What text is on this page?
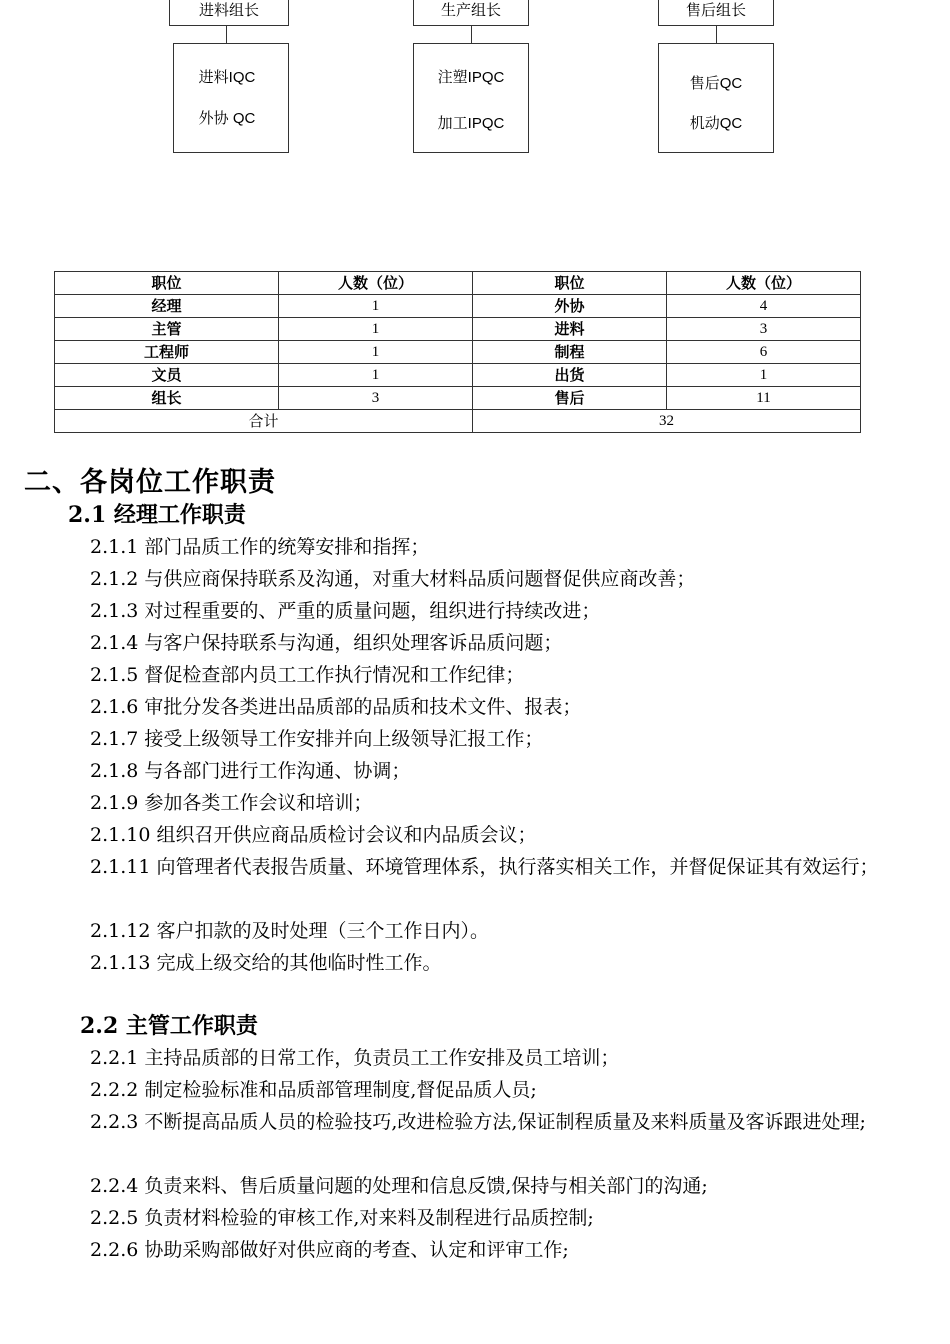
进料组长
进料IQC
外协 QC
生产组长
注塑IPQC
加工IPQC
售后组长
售后QC
机动QC
职位	人数（位）	职位	人数（位）
经理	1	外协	4
主管	1	进料	3
工程师	1	制程	6
文员	1	出货	1
组长	3	售后	11
合计		32	
二、各岗位工作职责
2.1 经理工作职责
2.1.1 部门品质工作的统筹安排和指挥；
2.1.2 与供应商保持联系及沟通，对重大材料品质问题督促供应商改善；
2.1.3 对过程重要的、严重的质量问题，组织进行持续改进；
2.1.4 与客户保持联系与沟通，组织处理客诉品质问题；
2.1.5 督促检查部内员工工作执行情况和工作纪律；
2.1.6 审批分发各类进出品质部的品质和技术文件、报表；
2.1.7 接受上级领导工作安排并向上级领导汇报工作；
2.1.8 与各部门进行工作沟通、协调；
2.1.9 参加各类工作会议和培训；
2.1.10 组织召开供应商品质检讨会议和内品质会议；
2.1.11 向管理者代表报告质量、环境管理体系，执行落实相关工作，并督促保证其有效运行；
2.1.12 客户扣款的及时处理（三个工作日内）。
2.1.13 完成上级交给的其他临时性工作。
2.2 主管工作职责
2.2.1 主持品质部的日常工作，负责员工工作安排及员工培训；
2.2.2 制定检验标准和品质部管理制度,督促品质人员;
2.2.3 不断提高品质人员的检验技巧,改进检验方法,保证制程质量及来料质量及客诉跟进处理;
2.2.4 负责来料、售后质量问题的处理和信息反馈,保持与相关部门的沟通;
2.2.5 负责材料检验的审核工作,对来料及制程进行品质控制;
2.2.6 协助采购部做好对供应商的考查、认定和评审工作;
